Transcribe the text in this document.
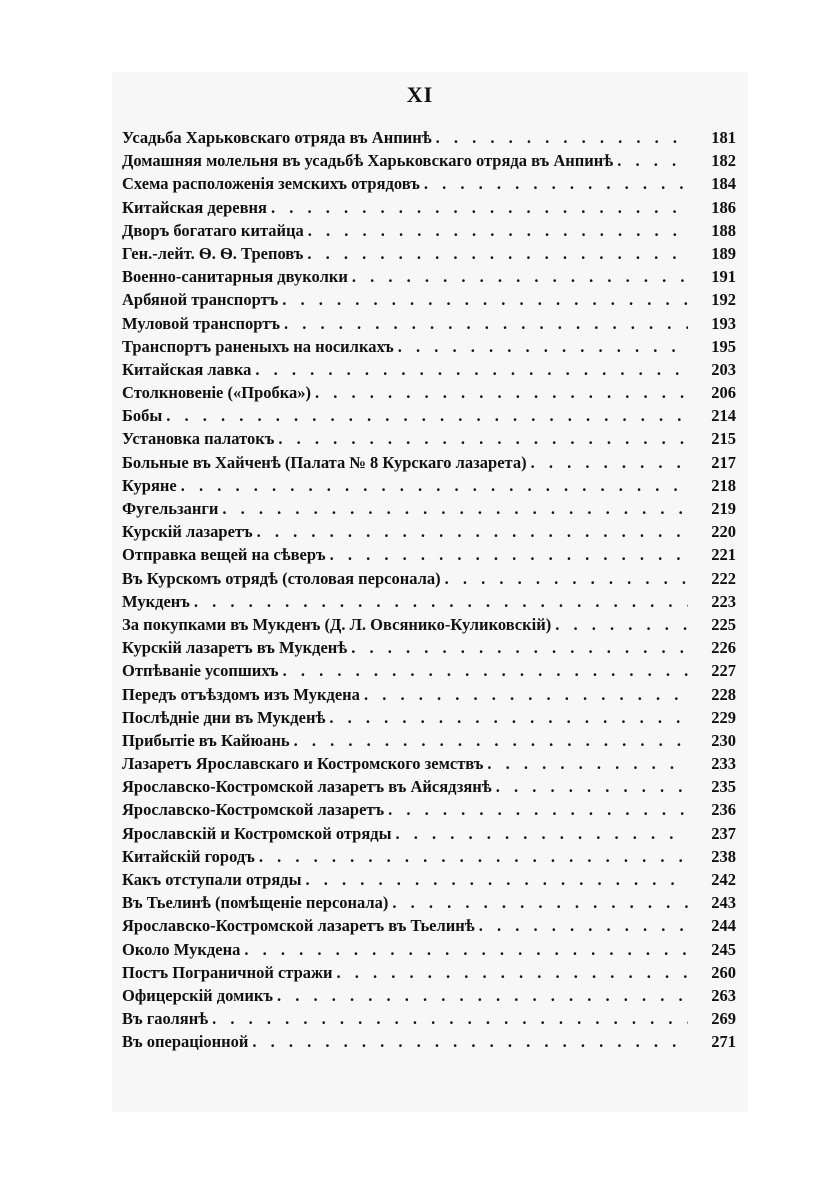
XI
Усадьба Харьковскаго отряда въ Анпинѣ . . .	181
Домашняя молельня въ усадьбѣ Харьковскаго отряда въ Анпинѣ . . .	182
Схема расположенія земскихъ отрядовъ . . .	184
Китайская деревня . . .	186
Дворъ богатаго китайца . . .	188
Ген.-лейт. Ѳ. Ѳ. Треповъ . . .	189
Военно-санитарныя двуколки . . .	191
Арбяной транспортъ . . .	192
Муловой транспортъ . . .	193
Транспортъ раненыхъ на носилкахъ . . .	195
Китайская лавка . . .	203
Столкновеніе («Пробка») . . .	206
Бобы . . .	214
Установка палатокъ . . .	215
Больные въ Хайченѣ (Палата № 8 Курскаго лазарета) . . .	217
Куряне . . .	218
Фугельзанги . . .	219
Курскій лазаретъ . . .	220
Отправка вещей на сѣверъ . . .	221
Въ Курскомъ отрядѣ (столовая персонала) . . .	222
Мукденъ . . .	223
За покупками въ Мукденъ (Д. Л. Овсянико-Куликовскій) . . .	225
Курскій лазаретъ въ Мукденѣ . . .	226
Отпѣваніе усопшихъ . . .	227
Передъ отъѣздомъ изъ Мукдена . . .	228
Послѣдніе дни въ Мукденѣ . . .	229
Прибытіе въ Кайюань . . .	230
Лазаретъ Ярославскаго и Костромского земствъ . . .	233
Ярославско-Костромской лазаретъ въ Айсядзянѣ . . .	235
Ярославско-Костромской лазаретъ . . .	236
Ярославскій и Костромской отряды . . .	237
Китайскій городъ . . .	238
Какъ отступали отряды . . .	242
Въ Тьелинѣ (помѣщеніе персонала) . . .	243
Ярославско-Костромской лазаретъ въ Тьелинѣ . . .	244
Около Мукдена . . .	245
Постъ Пограничной стражи . . .	260
Офицерскій домикъ . . .	263
Въ гаолянѣ . . .	269
Въ операціонной . . .	271
